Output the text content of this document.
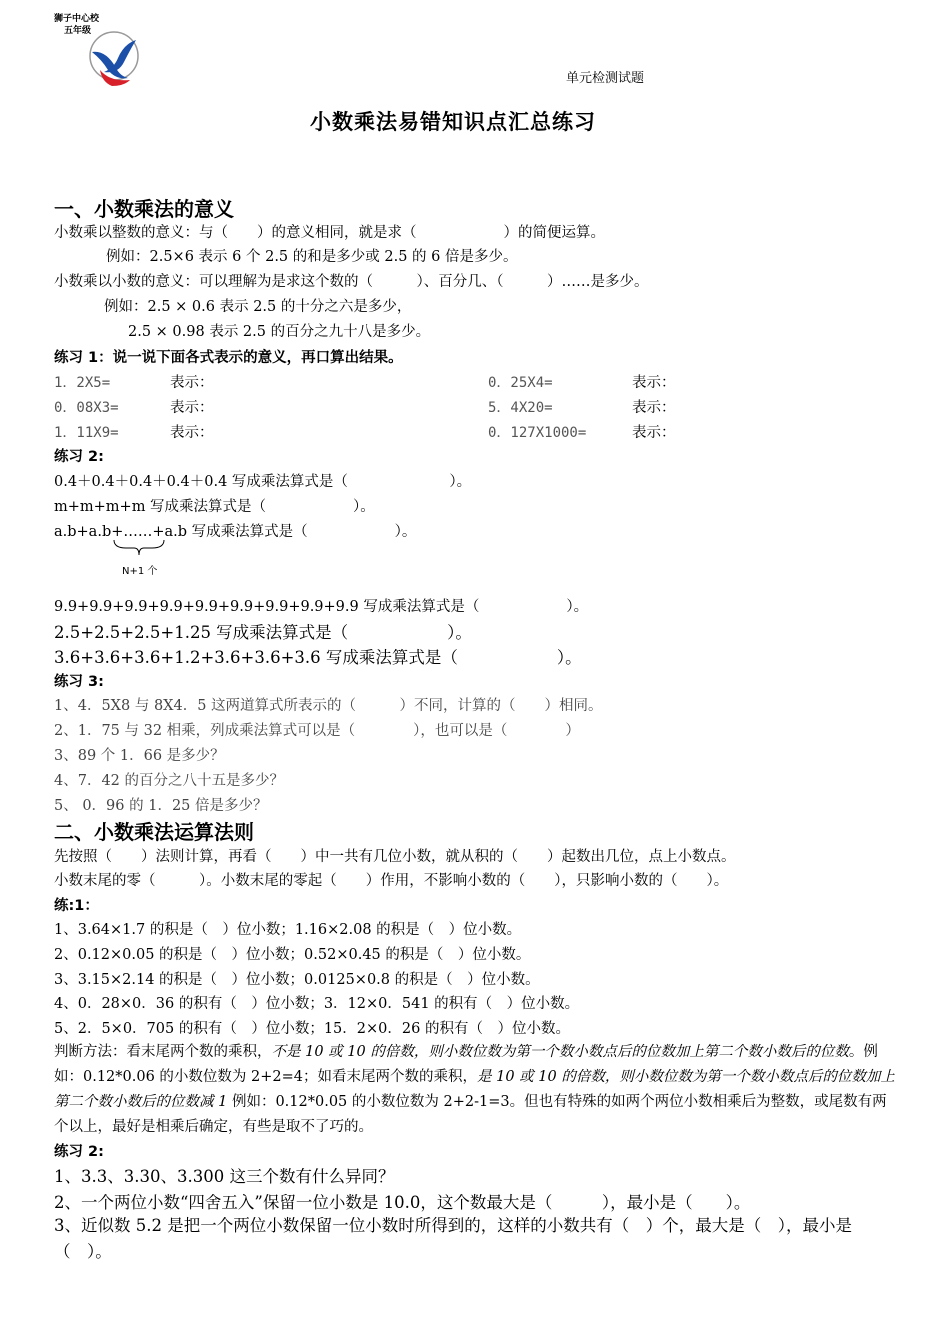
狮子中心校
五年级
单元检测试题
小数乘法易错知识点汇总练习
一、小数乘法的意义
小数乘以整数的意义：与（　　）的意义相同，就是求（　　　　　　）的简便运算。
例如：2.5×6 表示 6 个 2.5 的和是多少或 2.5 的 6 倍是多少。
小数乘以小数的意义：可以理解为是求这个数的（　　　）、百分几、（　　　）……是多少。
例如：2.5 × 0.6 表示 2.5 的十分之六是多少，
2.5 × 0.98 表示 2.5 的百分之九十八是多少。
练习 1：说一说下面各式表示的意义，再口算出结果。
1．2X5=	表示：	0．25X4=	表示：
0．08X3=	表示：	5．4X20=	表示：
1．11X9=	表示：	0．127X1000=	表示：
练习 2:
0.4＋0.4＋0.4＋0.4＋0.4 写成乘法算式是（　　　　　　　）。
m+m+m+m 写成乘法算式是（　　　　　　）。
a.b+a.b+……+a.b 写成乘法算式是（　　　　　　）。
N+1 个
9.9+9.9+9.9+9.9+9.9+9.9+9.9+9.9+9.9 写成乘法算式是（　　　　　　）。
2.5+2.5+2.5+1.25 写成乘法算式是（　　　　　　）。
3.6+3.6+3.6+1.2+3.6+3.6+3.6 写成乘法算式是（　　　　　　）。
练习 3:
1、4．5X8 与 8X4．5 这两道算式所表示的（　　　）不同，计算的（　　）相同。
2、1．75 与 32 相乘，列成乘法算式可以是（　　　　），也可以是（　　　　）
3、89 个 1．66 是多少？
4、7．42 的百分之八十五是多少？
5、 0．96 的 1．25 倍是多少？
二、小数乘法运算法则
先按照（　　）法则计算，再看（　　）中一共有几位小数，就从积的（　　）起数出几位，点上小数点。
小数末尾的零（　　　）。小数末尾的零起（　　）作用，不影响小数的（　　），只影响小数的（　　）。
练:1：
1、3.64×1.7 的积是（　）位小数；1.16×2.08 的积是（　）位小数。
2、0.12×0.05 的积是（　）位小数；0.52×0.45 的积是（　）位小数。
3、3.15×2.14 的积是（　）位小数；0.0125×0.8 的积是（　）位小数。
4、0．28×0．36 的积有（　）位小数；3．12×0．541 的积有（　）位小数。
5、2．5×0．705 的积有（　）位小数；15．2×0．26 的积有（　）位小数。
判断方法：看末尾两个数的乘积，不是 10 或 10 的倍数，则小数位数为第一个数小数点后的位数加上第二个数小数后的位数。例如：0.12*0.06 的小数位数为 2+2=4；如看末尾两个数的乘积，是 10 或 10 的倍数，则小数位数为第一个数小数点后的位数加上第二个数小数后的位数减 1 例如：0.12*0.05 的小数位数为 2+2-1=3。但也有特殊的如两个两位小数相乘后为整数，或尾数有两个以上，最好是相乘后确定，有些是取不了巧的。
练习 2:
1、3.3、3.30、3.300 这三个数有什么异同？
2、一个两位小数“四舍五入”保留一位小数是 10.0，这个数最大是（　　　），最小是（　　）。
3、近似数 5.2 是把一个两位小数保留一位小数时所得到的，这样的小数共有（　）个，最大是（　），最小是（　）。
